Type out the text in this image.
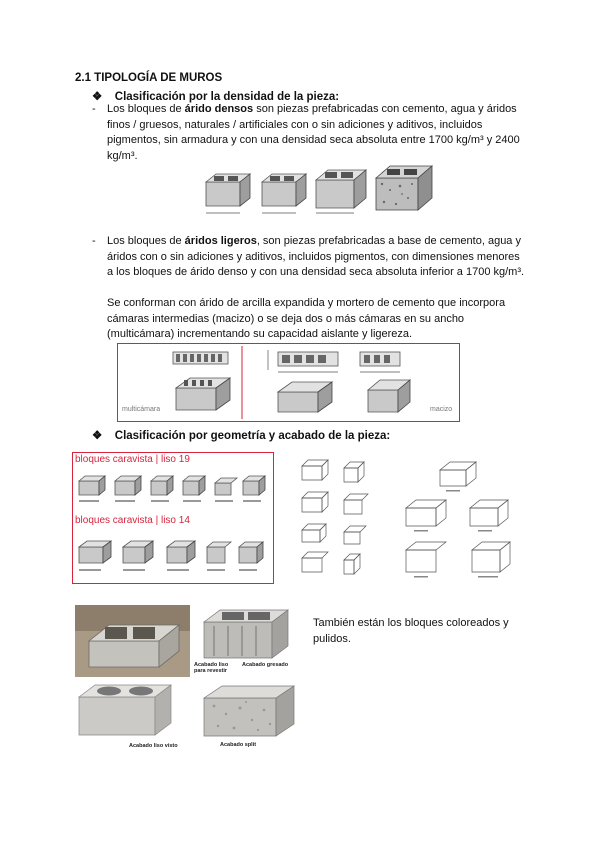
2.1 TIPOLOGÍA DE MUROS
❖ Clasificación por la densidad de la pieza:
- Los bloques de árido densos son piezas prefabricadas con cemento, agua y áridos finos / gruesos, naturales / artificiales con o sin adiciones y aditivos, incluidos pigmentos, sin armadura y con una densidad seca absoluta entre 1700 kg/m³ y 2400 kg/m³.
- Los bloques de áridos ligeros, son piezas prefabricadas a base de cemento, agua y áridos con o sin adiciones y aditivos, incluidos pigmentos, con dimensiones menores a los bloques de árido denso y con una densidad seca absoluta inferior a 1700 kg/m³.
Se conforman con árido de arcilla expandida y mortero de cemento que incorpora cámaras intermedias (macizo) o se deja dos o más cámaras en su ancho (multicámara) incrementando su capacidad aislante y ligereza.
multicámara	macizo
❖ Clasificación por geometría y acabado de la pieza:
bloques caravista | liso 19
bloques caravista | liso 14
Acabado liso para revestir
Acabado gresado
Acabado liso visto	Acabado split
También están los bloques coloreados y pulidos.
